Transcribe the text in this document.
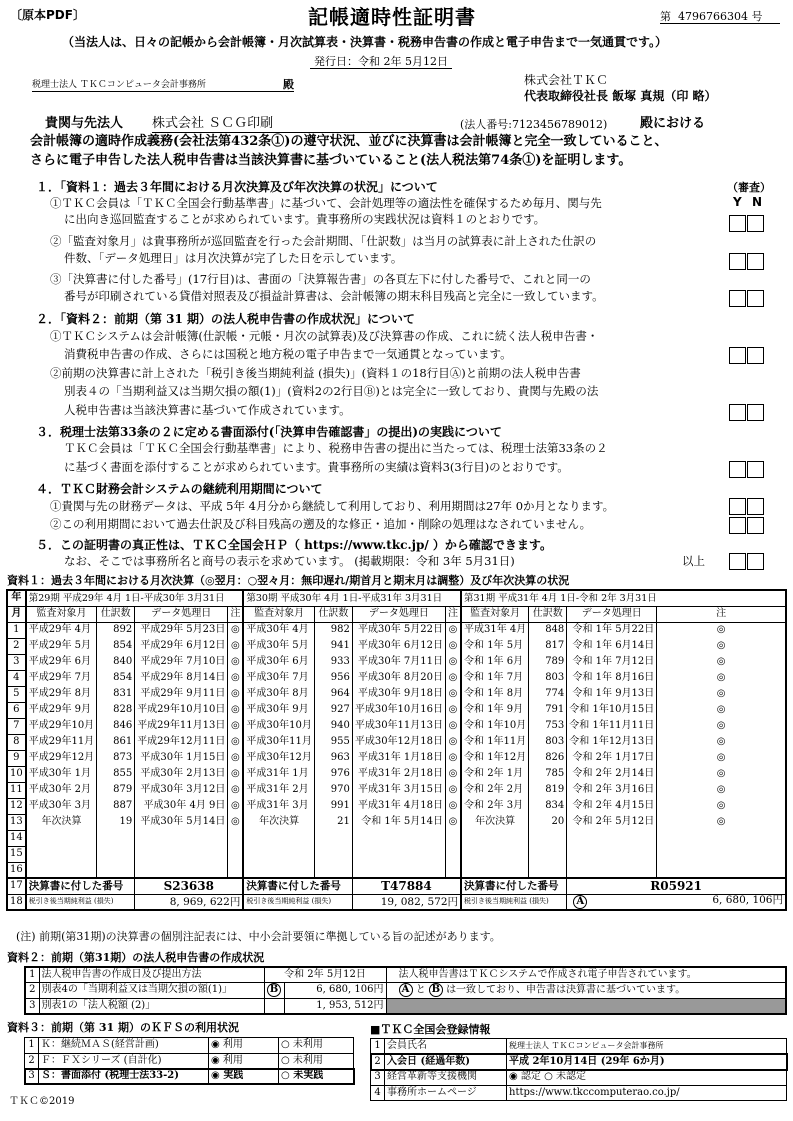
〔原本PDF〕	記帳適時性証明書	第 4796766304 号
（当法人は、日々の記帳から会計帳簿・月次試算表・決算書・税務申告書の作成と電子申告まで一気通貫です。）
発行日：令和 2年 5月12日
税理士法人 ＴＫＣコンピュータ会計事務所	殿	株式会社ＴＫＣ
代表取締役社長 飯塚 真規（印 略）
貴関与先法人 株式会社 ＳＣＧ印刷	(法人番号:7123456789012)	殿における
会計帳簿の適時作成義務(会社法第432条①)の遵守状況、並びに決算書は会計帳簿と完全一致していること、
さらに電子申告した法人税申告書は当該決算書に基づいていること(法人税法第74条①)を証明します。
（審査）
Y N
１．「資料１：過去３年間における月次決算及び年次決算の状況」について
①ＴＫＣ会員は「ＴＫＣ全国会行動基準書」に基づいて、会計処理等の適法性を確保するため毎月、関与先
に出向き巡回監査することが求められています。貴事務所の実践状況は資料１のとおりです。
②「監査対象月」は貴事務所が巡回監査を行った会計期間、「仕訳数」は当月の試算表に計上された仕訳の
件数、「データ処理日」は月次決算が完了した日を示しています。
③「決算書に付した番号」(17行目)は、書面の「決算報告書」の各頁左下に付した番号で、これと同一の
番号が印刷されている貸借対照表及び損益計算書は、会計帳簿の期末科目残高と完全に一致しています。
２．「資料２：前期（第 31 期）の法人税申告書の作成状況」について
①ＴＫＣシステムは会計帳簿(仕訳帳・元帳・月次の試算表)及び決算書の作成、これに続く法人税申告書・
消費税申告書の作成、さらには国税と地方税の電子申告まで一気通貫となっています。
②前期の決算書に計上された「税引き後当期純利益 (損失)」(資料１の18行目Ⓐ)と前期の法人税申告書
別表４の「当期利益又は当期欠損の額(1)」(資料2の2行目Ⓑ)とは完全に一致しており、貴関与先殿の法
人税申告書は当該決算書に基づいて作成されています。
３．税理士法第33条の２に定める書面添付(「決算申告確認書」の提出)の実践について
ＴＫＣ会員は「ＴＫＣ全国会行動基準書」により、税務申告書の提出に当たっては、税理士法第33条の２
に基づく書面を添付することが求められています。貴事務所の実績は資料3(3行目)のとおりです。
４．ＴＫＣ財務会計システムの継続利用期間について
①貴関与先の財務データは、平成 5年 4月分から継続して利用しており、利用期間は27年 0か月となります。
②この利用期間において過去仕訳及び科目残高の遡及的な修正・追加・削除の処理はなされていません。
５．この証明書の真正性は、ＴＫＣ全国会ＨＰ（ https://www.tkc.jp/ ）から確認できます。
なお、そこでは事務所名と商号の表示を求めています。 (掲載期限：令和 3年 5月31日)	以上
資料１：過去３年間における月次決算（◎翌月：○翌々月：無印遅れ/期首月と期末月は調整）及び年次決算の状況
年	第29期 平成29年 4月 1日-平成30年 3月31日				第30期 平成30年 4月 1日-平成31年 3月31日				第31期 平成31年 4月 1日-令和 2年 3月31日			
月	監査対象月	仕訳数	データ処理日	注	監査対象月	仕訳数	データ処理日	注	監査対象月	仕訳数	データ処理日	注
1	平成29年 4月	892	平成29年 5月23日	◎	平成30年 4月	982	平成30年 5月22日	◎	平成31年 4月	848	令和 1年 5月22日	◎
2	平成29年 5月	854	平成29年 6月12日	◎	平成30年 5月	941	平成30年 6月12日	◎	令和 1年 5月	817	令和 1年 6月14日	◎
3	平成29年 6月	840	平成29年 7月10日	◎	平成30年 6月	933	平成30年 7月11日	◎	令和 1年 6月	789	令和 1年 7月12日	◎
4	平成29年 7月	854	平成29年 8月14日	◎	平成30年 7月	956	平成30年 8月20日	◎	令和 1年 7月	803	令和 1年 8月16日	◎
5	平成29年 8月	831	平成29年 9月11日	◎	平成30年 8月	964	平成30年 9月18日	◎	令和 1年 8月	774	令和 1年 9月13日	◎
6	平成29年 9月	828	平成29年10月10日	◎	平成30年 9月	927	平成30年10月16日	◎	令和 1年 9月	791	令和 1年10月15日	◎
7	平成29年10月	846	平成29年11月13日	◎	平成30年10月	940	平成30年11月13日	◎	令和 1年10月	753	令和 1年11月11日	◎
8	平成29年11月	861	平成29年12月11日	◎	平成30年11月	955	平成30年12月18日	◎	令和 1年11月	803	令和 1年12月13日	◎
9	平成29年12月	873	平成30年 1月15日	◎	平成30年12月	963	平成31年 1月18日	◎	令和 1年12月	826	令和 2年 1月17日	◎
10	平成30年 1月	855	平成30年 2月13日	◎	平成31年 1月	976	平成31年 2月18日	◎	令和 2年 1月	785	令和 2年 2月14日	◎
11	平成30年 2月	879	平成30年 3月12日	◎	平成31年 2月	970	平成31年 3月15日	◎	令和 2年 2月	819	令和 2年 3月16日	◎
12	平成30年 3月	887	平成30年 4月 9日	◎	平成31年 3月	991	平成31年 4月18日	◎	令和 2年 3月	834	令和 2年 4月15日	◎
13	年次決算	19	平成30年 5月14日	◎	年次決算	21	令和 1年 5月14日	◎	年次決算	20	令和 2年 5月12日	◎
14												
15												
16												
17	決算書に付した番号		S23638		決算書に付した番号		T47884		決算書に付した番号		R05921	
18	税引き後当期純利益 (損失)		8, 969, 622円		税引き後当期純利益 (損失)		19, 082, 572円		税引き後当期純利益 (損失)		A 6, 680, 106円	
(注) 前期(第31期)の決算書の個別注記表には、中小会計要領に準拠している旨の記述があります。
資料２：前期（第31期）の法人税申告書の作成状況
1	法人税申告書の作成日及び提出方法	令和 2年 5月12日		法人税申告書はＴＫＣシステムで作成され電子申告されています。
2	別表4の「当期利益又は当期欠損の額(1)」	B	6, 680, 106円	A と B は一致しており、申告書は決算書に基づいています。
3	別表1の「法人税額 (2)」		1, 953, 512円	
資料３：前期（第 31 期）のＫＦＳの利用状況
1	Ｋ：継続ＭＡＳ(経営計画)	◉ 利用	○ 未利用
2	Ｆ：ＦＸシリーズ (自計化)	◉ 利用	○ 未利用
3	Ｓ：書面添付 (税理士法33-2)	◉ 実践	○ 未実践
■ＴＫＣ全国会登録情報
1	会員氏名	税理士法人 ＴＫＣコンピュータ会計事務所
2	入会日 (経過年数)	平成 2年10月14日 (29年 6か月)
3	経営革新等支援機関	◉ 認定 ○ 未認定
4	事務所ホームページ	https://www.tkccomputerao.co.jp/
ＴＫＣ©2019
